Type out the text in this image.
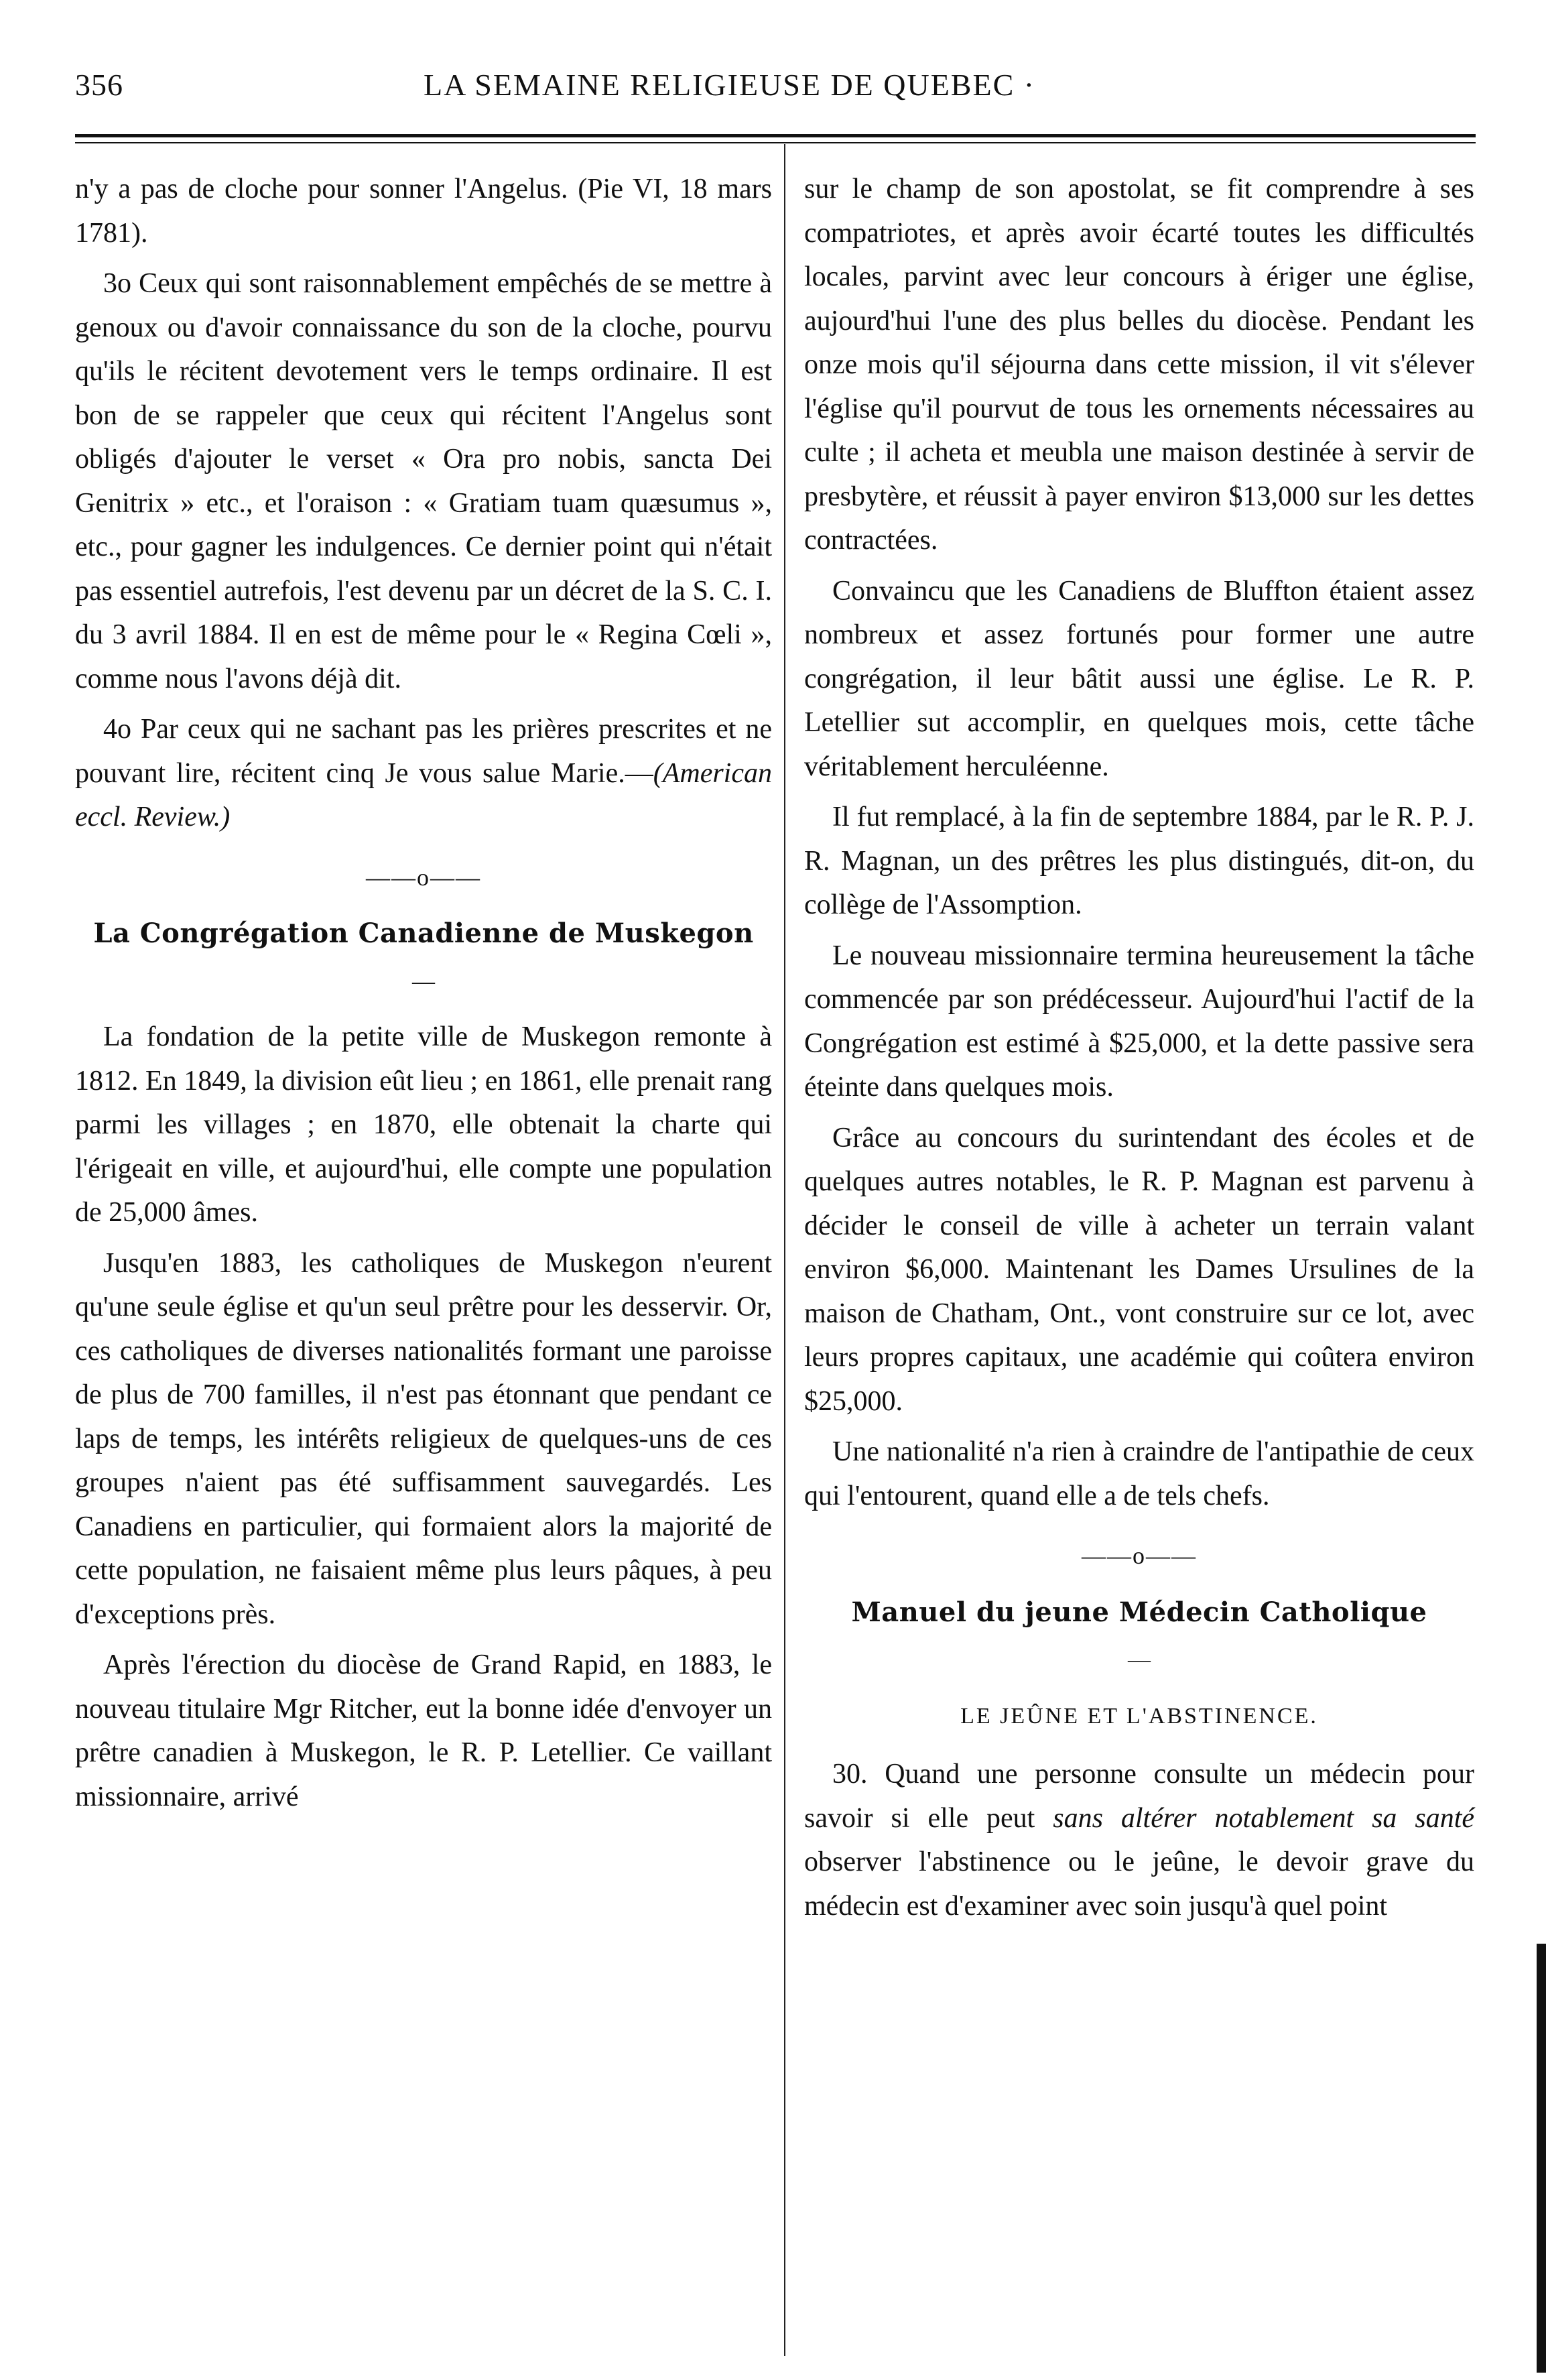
356	LA SEMAINE RELIGIEUSE DE QUEBEC ·

n'y a pas de cloche pour sonner l'Angelus. (Pie VI, 18 mars 1781).

3o Ceux qui sont raisonnablement empêchés de se mettre à genoux ou d'avoir connaissance du son de la cloche, pourvu qu'ils le récitent devotement vers le temps ordinaire. Il est bon de se rappeler que ceux qui récitent l'Angelus sont obligés d'ajouter le verset « Ora pro nobis, sancta Dei Genitrix » etc., et l'oraison : « Gratiam tuam quæsumus », etc., pour gagner les indulgences. Ce dernier point qui n'était pas essentiel autrefois, l'est devenu par un décret de la S. C. I. du 3 avril 1884. Il en est de même pour le « Regina Cœli », comme nous l'avons déjà dit.

4o Par ceux qui ne sachant pas les prières prescrites et ne pouvant lire, récitent cinq Je vous salue Marie.—(American eccl. Review.)

——o——
La Congrégation Canadienne de Muskegon
—

La fondation de la petite ville de Muskegon remonte à 1812. En 1849, la division eût lieu ; en 1861, elle prenait rang parmi les villages ; en 1870, elle obtenait la charte qui l'érigeait en ville, et aujourd'hui, elle compte une population de 25,000 âmes.

Jusqu'en 1883, les catholiques de Muskegon n'eurent qu'une seule église et qu'un seul prêtre pour les desservir. Or, ces catholiques de diverses nationalités formant une paroisse de plus de 700 familles, il n'est pas étonnant que pendant ce laps de temps, les intérêts religieux de quelques-uns de ces groupes n'aient pas été suffisamment sauvegardés. Les Canadiens en particulier, qui formaient alors la majorité de cette population, ne faisaient même plus leurs pâques, à peu d'exceptions près.

Après l'érection du diocèse de Grand Rapid, en 1883, le nouveau titulaire Mgr Ritcher, eut la bonne idée d'envoyer un prêtre canadien à Muskegon, le R. P. Letellier. Ce vaillant missionnaire, arrivé

sur le champ de son apostolat, se fit comprendre à ses compatriotes, et après avoir écarté toutes les difficultés locales, parvint avec leur concours à ériger une église, aujourd'hui l'une des plus belles du diocèse. Pendant les onze mois qu'il séjourna dans cette mission, il vit s'élever l'église qu'il pourvut de tous les ornements nécessaires au culte ; il acheta et meubla une maison destinée à servir de presbytère, et réussit à payer environ $13,000 sur les dettes contractées.

Convaincu que les Canadiens de Bluffton étaient assez nombreux et assez fortunés pour former une autre congrégation, il leur bâtit aussi une église. Le R. P. Letellier sut accomplir, en quelques mois, cette tâche véritablement herculéenne.

Il fut remplacé, à la fin de septembre 1884, par le R. P. J. R. Magnan, un des prêtres les plus distingués, dit-on, du collège de l'Assomption.

Le nouveau missionnaire termina heureusement la tâche commencée par son prédécesseur. Aujourd'hui l'actif de la Congrégation est estimé à $25,000, et la dette passive sera éteinte dans quelques mois.

Grâce au concours du surintendant des écoles et de quelques autres notables, le R. P. Magnan est parvenu à décider le conseil de ville à acheter un terrain valant environ $6,000. Maintenant les Dames Ursulines de la maison de Chatham, Ont., vont construire sur ce lot, avec leurs propres capitaux, une académie qui coûtera environ $25,000.

Une nationalité n'a rien à craindre de l'antipathie de ceux qui l'entourent, quand elle a de tels chefs.

——o——
Manuel du jeune Médecin Catholique
—
LE JEÛNE ET L'ABSTINENCE.

30. Quand une personne consulte un médecin pour savoir si elle peut sans altérer notablement sa santé observer l'abstinence ou le jeûne, le devoir grave du médecin est d'examiner avec soin jusqu'à quel point
